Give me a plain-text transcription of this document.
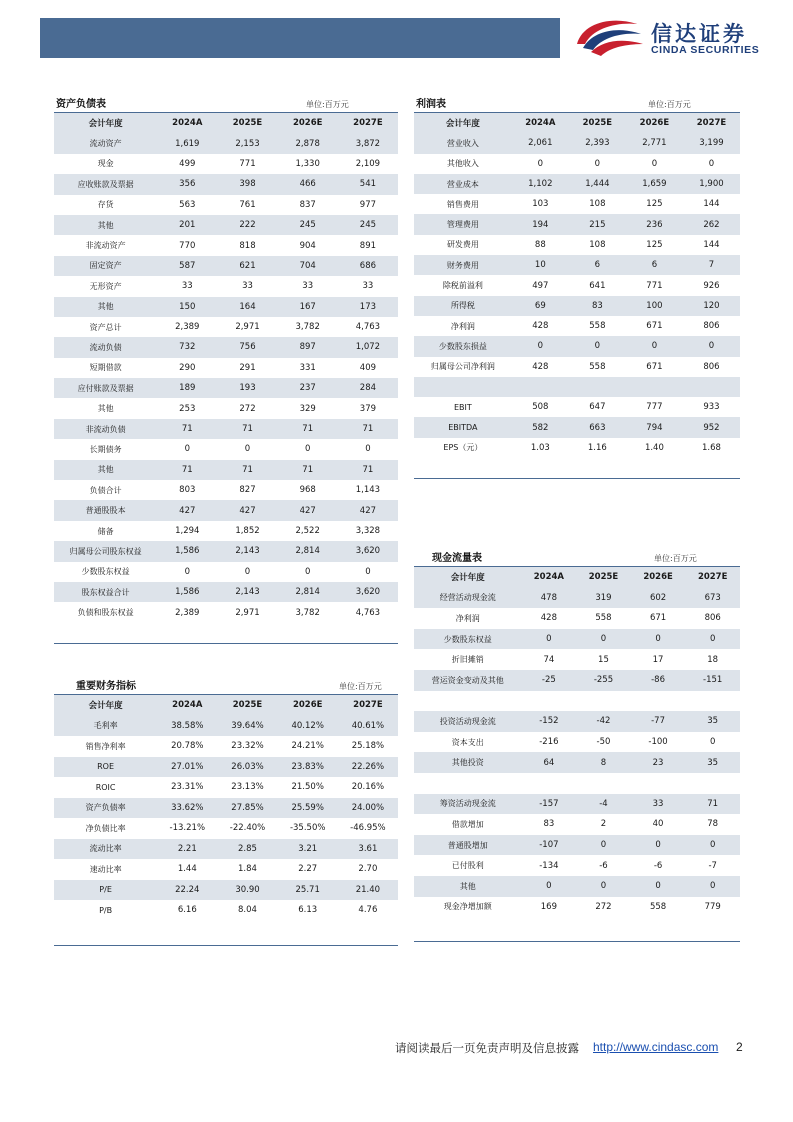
信达证券
CINDA SECURITIES
资产负债表	单位:百万元
会计年度	2024A	2025E	2026E	2027E
流动资产	1,619	2,153	2,878	3,872
现金	499	771	1,330	2,109
应收账款及票据	356	398	466	541
存货	563	761	837	977
其他	201	222	245	245
非流动资产	770	818	904	891
固定资产	587	621	704	686
无形资产	33	33	33	33
其他	150	164	167	173
资产总计	2,389	2,971	3,782	4,763
流动负债	732	756	897	1,072
短期借款	290	291	331	409
应付账款及票据	189	193	237	284
其他	253	272	329	379
非流动负债	71	71	71	71
长期债务	0	0	0	0
其他	71	71	71	71
负债合计	803	827	968	1,143
普通股股本	427	427	427	427
储备	1,294	1,852	2,522	3,328
归属母公司股东权益	1,586	2,143	2,814	3,620
少数股东权益	0	0	0	0
股东权益合计	1,586	2,143	2,814	3,620
负债和股东权益	2,389	2,971	3,782	4,763
利润表	单位:百万元
会计年度	2024A	2025E	2026E	2027E
营业收入	2,061	2,393	2,771	3,199
其他收入	0	0	0	0
营业成本	1,102	1,444	1,659	1,900
销售费用	103	108	125	144
管理费用	194	215	236	262
研发费用	88	108	125	144
财务费用	10	6	6	7
除税前溢利	497	641	771	926
所得税	69	83	100	120
净利润	428	558	671	806
少数股东损益	0	0	0	0
归属母公司净利润	428	558	671	806

EBIT	508	647	777	933
EBITDA	582	663	794	952
EPS（元）	1.03	1.16	1.40	1.68
重要财务指标	单位:百万元
会计年度	2024A	2025E	2026E	2027E
毛利率	38.58%	39.64%	40.12%	40.61%
销售净利率	20.78%	23.32%	24.21%	25.18%
ROE	27.01%	26.03%	23.83%	22.26%
ROIC	23.31%	23.13%	21.50%	20.16%
资产负债率	33.62%	27.85%	25.59%	24.00%
净负债比率	-13.21%	-22.40%	-35.50%	-46.95%
流动比率	2.21	2.85	3.21	3.61
速动比率	1.44	1.84	2.27	2.70
P/E	22.24	30.90	25.71	21.40
P/B	6.16	8.04	6.13	4.76
现金流量表	单位:百万元
会计年度	2024A	2025E	2026E	2027E
经营活动现金流	478	319	602	673
净利润	428	558	671	806
少数股东权益	0	0	0	0
折旧摊销	74	15	17	18
营运资金变动及其他	-25	-255	-86	-151

投资活动现金流	-152	-42	-77	35
资本支出	-216	-50	-100	0
其他投资	64	8	23	35

筹资活动现金流	-157	-4	33	71
借款增加	83	2	40	78
普通股增加	-107	0	0	0
已付股利	-134	-6	-6	-7
其他	0	0	0	0
现金净增加额	169	272	558	779
请阅读最后一页免责声明及信息披露 http://www.cindasc.com 2
